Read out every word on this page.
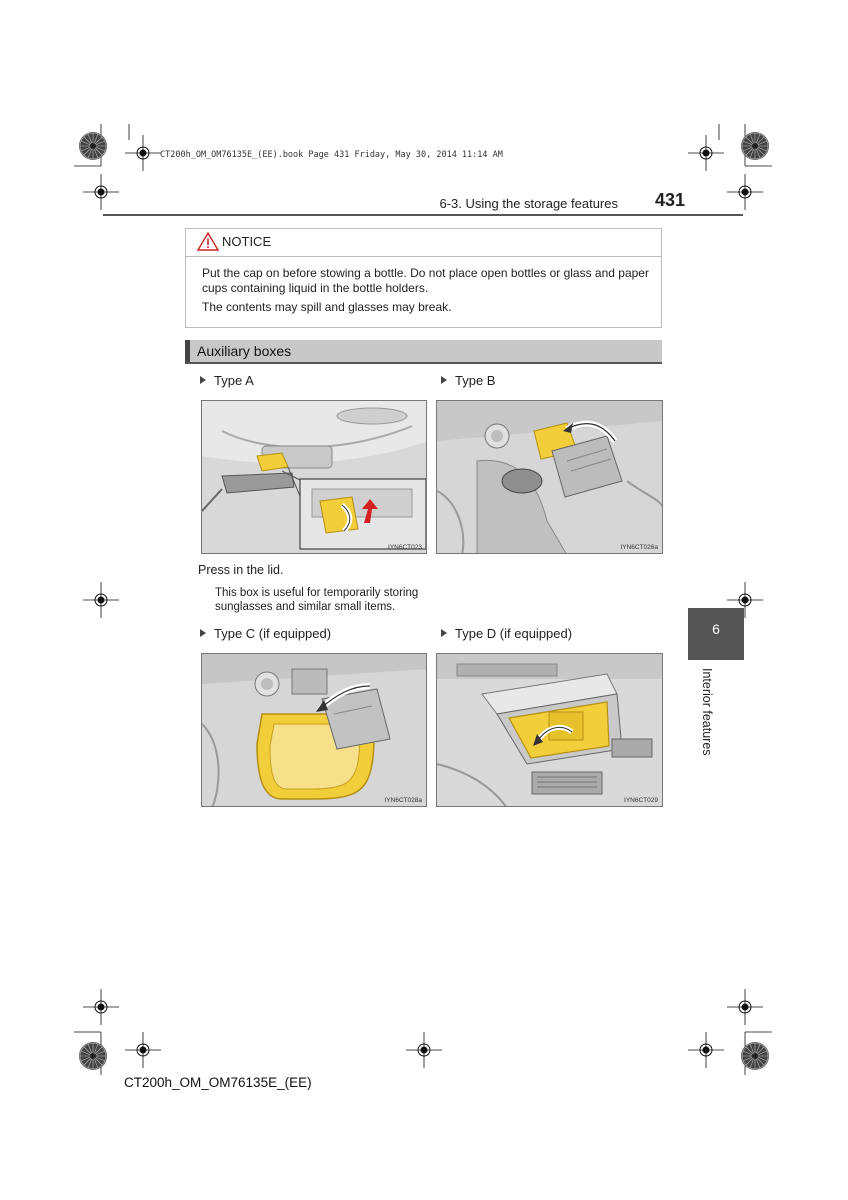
CT200h_OM_OM76135E_(EE).book Page 431 Friday, May 30, 2014 11:14 AM
6-3. Using the storage features 431
NOTICE

Put the cap on before stowing a bottle. Do not place open bottles or glass and paper cups containing liquid in the bottle holders.

The contents may spill and glasses may break.

Auxiliary boxes
Type A	Type B
IYN6CT023	IYN6CT026a
Press in the lid.
This box is useful for temporarily storing sunglasses and similar small items.
Type C (if equipped)	Type D (if equipped)
IYN6CT028a	IYN6CT029
6
Interior features
CT200h_OM_OM76135E_(EE)
